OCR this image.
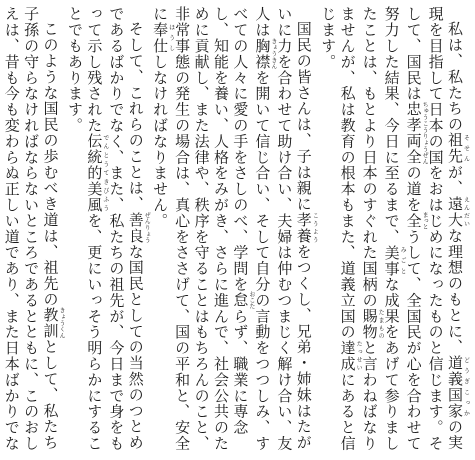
私は、私たちの祖先そせんが、遠大えんだいな理想のもとに、道義国家どうぎこっかの実現を目指して日本の国をおはじめになったものと信じます。そして、国民は忠孝両全ちゅうこうりょうぜんの道を全まっとうして、全国民が心を合わせて努力した結果、今日に至るまで、美事みごとな成果をあげて参りましたことは、もとより日本のすぐれた国柄の賜物たまものと言わねばなりませんが、私は教育の根本もまた、道義立国の達成たっせいにあると信じます。

国民の皆さんは、子は親に孝養こうようをつくし、兄弟・姉妹はたがいに力を合わせて助け合い、夫婦は仲むつまじく解け合い、友人は胸襟きょうきんを開いて信じ合い、そして自分の言動をつつしみ、すべての人々に愛の手をさしのべ、学問を怠おこたらず、職業に専念し、知能を養い、人格をみがき、さらに進んで、社会公共のために貢献し、また法律や、秩序を守ることはもちろんのこと、非常事態の発生の場合は、真心をささげて、国の平和と、安全に奉仕ほうししなければなりません。

そして、これらのことは、善良ぜんりょうな国民としての当然のつとめであるばかりでなく、また、私たちの祖先が、今日まで身をもって示し残された伝統的美風でんとうてきびふうを、更にいっそう明らかにすることでもあります。

このような国民の歩むべき道は、祖先の教訓きょうくんとして、私たち子孫の守らなければならないところであるとともに、このおしえは、昔も今も変わらぬ正しい道であり、また日本ばかりでな
